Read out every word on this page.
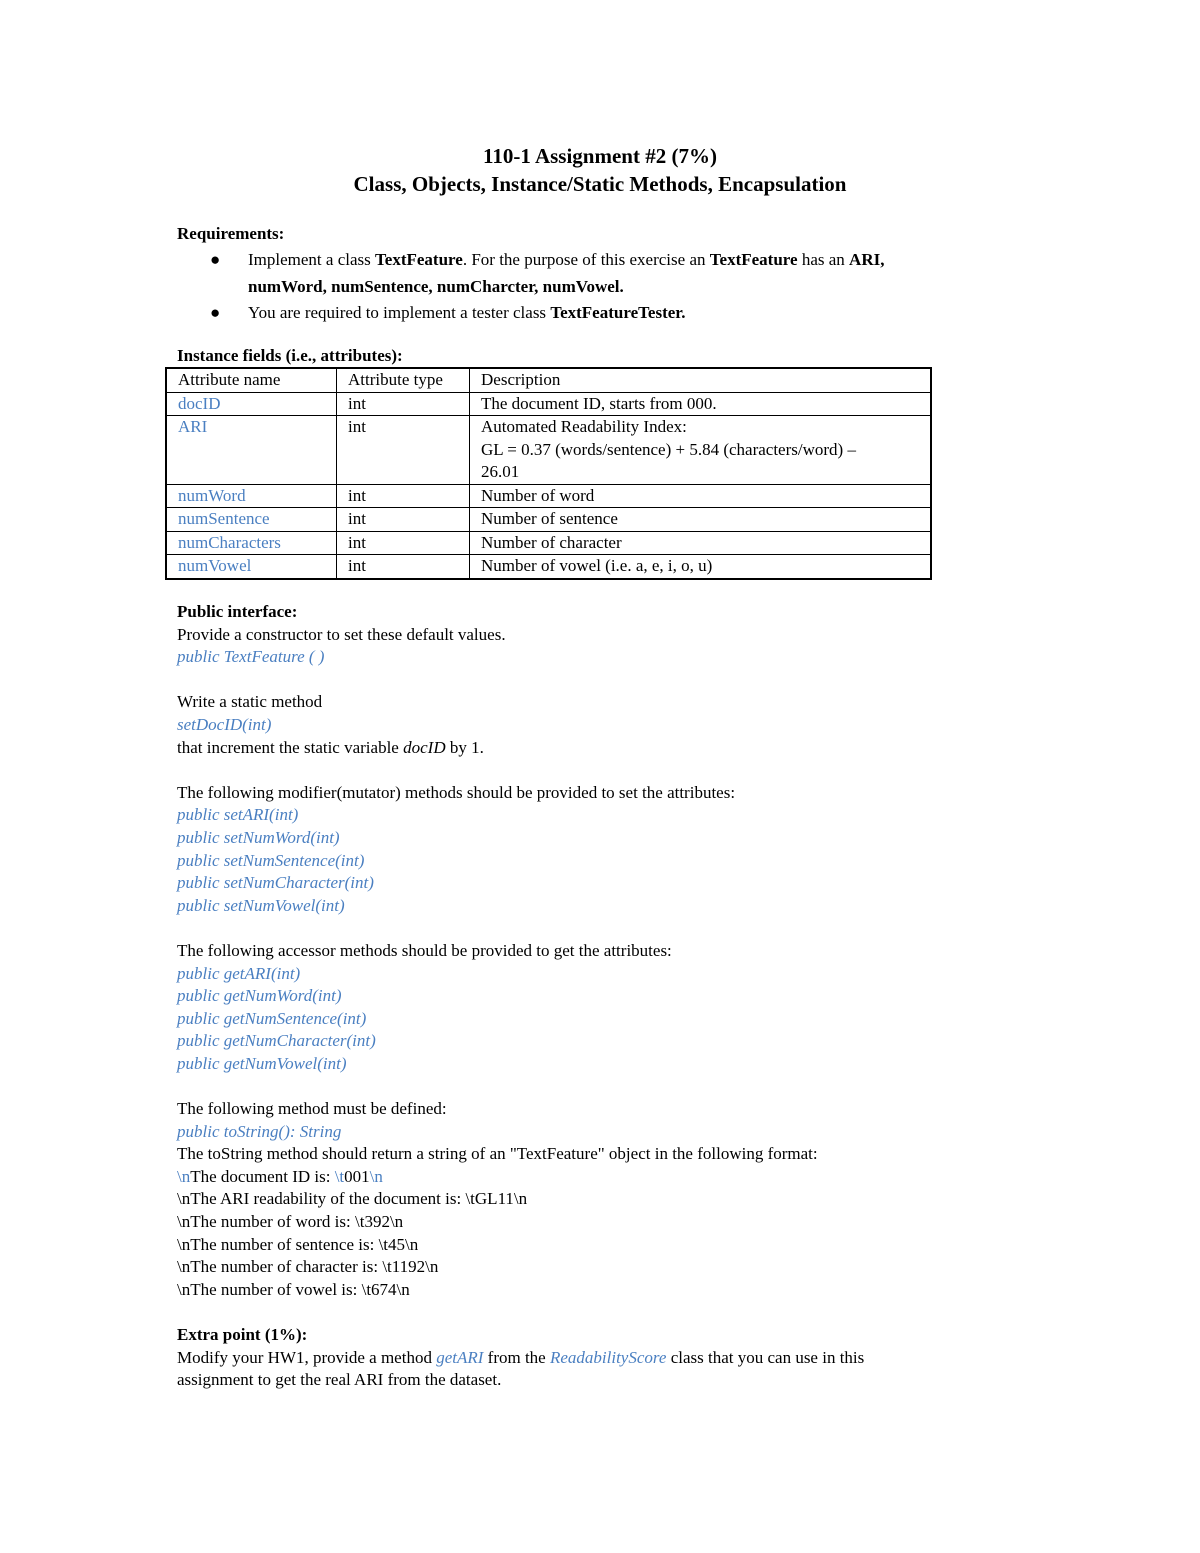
110-1 Assignment #2 (7%)
Class, Objects, Instance/Static Methods, Encapsulation
Requirements:
● Implement a class TextFeature. For the purpose of this exercise an TextFeature has an ARI,
numWord, numSentence, numCharcter, numVowel.
● You are required to implement a tester class TextFeatureTester.
Instance fields (i.e., attributes):
Attribute name	Attribute type	Description
docID	int	The document ID, starts from 000.
ARI	int	Automated Readability Index:
GL = 0.37 (words/sentence) + 5.84 (characters/word) –
26.01

numWord	int	Number of word
numSentence	int	Number of sentence
numCharacters	int	Number of character
numVowel	int	Number of vowel (i.e. a, e, i, o, u)
Public interface:
Provide a constructor to set these default values.
public TextFeature ( )

Write a static method
setDocID(int)
that increment the static variable docID by 1.

The following modifier(mutator) methods should be provided to set the attributes:
public setARI(int)
public setNumWord(int)
public setNumSentence(int)
public setNumCharacter(int)
public setNumVowel(int)

The following accessor methods should be provided to get the attributes:
public getARI(int)
public getNumWord(int)
public getNumSentence(int)
public getNumCharacter(int)
public getNumVowel(int)

The following method must be defined:
public toString(): String
The toString method should return a string of an "TextFeature" object in the following format:
\nThe document ID is: \t001\n
\nThe ARI readability of the document is: \tGL11\n
\nThe number of word is: \t392\n
\nThe number of sentence is: \t45\n
\nThe number of character is: \t1192\n
\nThe number of vowel is: \t674\n

Extra point (1%):
Modify your HW1, provide a method getARI from the ReadabilityScore class that you can use in this
assignment to get the real ARI from the dataset.
